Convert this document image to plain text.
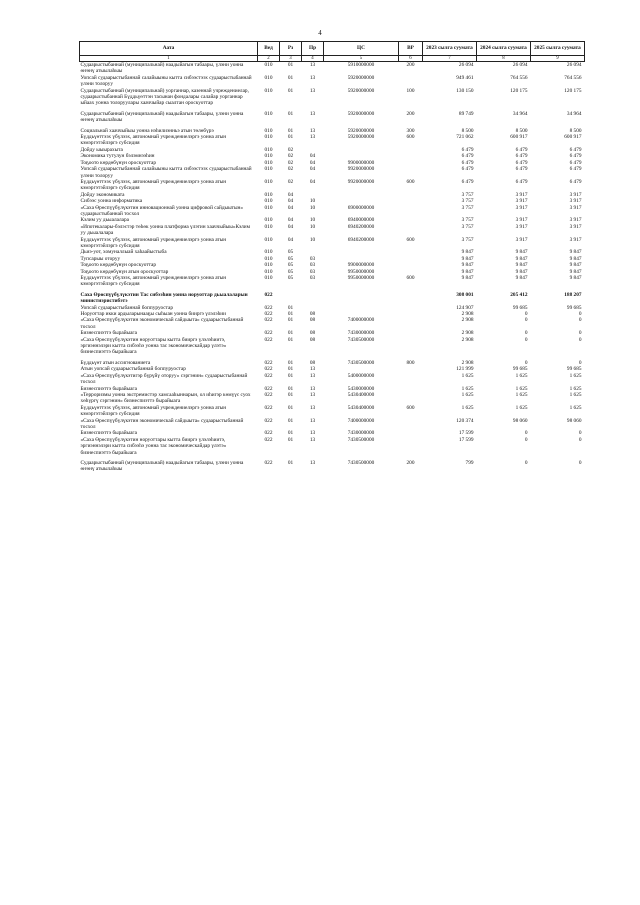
4
Аата	Вед	Рз	Пр	ЦС	ВР	2023 сылга суумата	2024 сылга суумата	2025 сылга суумата
1	2	3	4	5	6	7	8	9
Судаарыстыбаннай (муниципальнай) наадыйагын табаары, үлэни уонна өҥөнү атыылаһыы	010	01	13	5910000000	200	26 094	26 094	26 094
Уопсай судаарыстыбаннай салайыыны кытта сибээстээх судаарыстыбаннай үлэни толоруу	010	01	13	5920000000		949 461	764 556	764 556
Судаарыстыбаннай (муниципальнай) уорганнар, казеннай учреждениелар, судаарыстыбаннай Бүддьүөттэн тасынан фондалары салайар уорганнар ыйаах уонна толоруулары хааччыйар сыалтан ороскуоттар	010	01	13	5920000000	100	130 150	120 175	120 175
Судаарыстыбаннай (муниципальнай) наадыйагын табаары, үлэни уонна өҥөнү атыылаһыы	010	01	13	5920000000	200	89 749	34 964	34 964
Социальнай хааччыйыы уонна нэһилиэнньэ атын төлөбүрэ	010	01	13	5920000000	300	8 500	8 500	8 500
Бүддьүөттээх үбүлээх, автономнай учреждениелэргэ уонна атын кэмэргэтэйлэргэ субсидия	010	01	13	5920000000	600	721 062	600 917	600 917
Дойду ыыырахыта	010	02				6 479	6 479	6 479
Экономика тутулун бэлэмнээһин	010	02	04			6 479	6 479	6 479
Тоҕоото көрдөбүнүн ороскуоттар	010	02	04	9900000000		6 479	6 479	6 479
Уопсай судаарыстыбаннай салайыыны кытта сибээстээх судаарыстыбаннай үлэни толоруу	010	02	04	9920000000		6 479	6 479	6 479
Бүддьүөттээх үбүлээх, автономнай учреждениелэргэ уонна атын кэмэргэтэйлэргэ субсидия	010	02	04	9920000000	600	6 479	6 479	6 479
Дойду экономиката	010	04				3 757	3 917	3 917
Сибээс уонна информатика	010	04	10			3 757	3 917	3 917
«Саха Өрөспүүбүлүкэтин инновационнай уонна цифровой сайдыытын» судаарыстыбаннай тосхол	010	04	10	6900000000		3 757	3 917	3 917
Кэлим уу дьыалалара	010	04	10	6940000000		3 757	3 917	3 917
«Ипотекалары-бэлэстэр төһөк уонна платформа үлэтин хааччыйыы»Кэлим уу дьыалалара	010	04	10	6940200000		3 757	3 917	3 917
Бүддьүөттээх үбүлээх, автономнай учреждениелэргэ уонна атын кэмэргэтэйлэргэ субсидия	010	04	10	6940200000	600	3 757	3 917	3 917
Дьиэ-уот, хомуналлыай хаһаайыстыба	010	05				9 847	9 847	9 847
Тупсарыы оторуу	010	05	03			9 847	9 847	9 847
Тоҕоото көрдөбүнүн ороскуоттар	010	05	03	9900000000		9 847	9 847	9 847
Тоҕоото көрдөбүнүн атын ороскуоттар	010	05	03	9950000000		9 847	9 847	9 847
Бүддьүөттээх үбүлээх, автономнай учреждениелэргэ уонна атын кэмэргэтэйлэргэ субсидия	010	05	03	9950000000	600	9 847	9 847	9 847
Саха Өрөспүүбүлүкэтин Тас сибээһин уонна норуоттар дьыалаларын министиэристибэтэ	022					308 001	205 412	188 207
Уопсай судаарыстыбаннай боппуруостар	022	01				124 907	99 685	99 685
Норуоттар икки ардыларынааҕы сыһыан уонна бииргэ үлэлэһии	022	01	08			2 908	0	0
«Саха Өрөспүүбүлүкэтин экономическай сайдыыта» судаарыстыбаннай тосхол	022	01	08	7400000000		2 908	0	0
Бизнеспиэттэ бырайыага	022	01	08	7430000000		2 908	0	0
«Саха Өрөспүүбүлүкэтин норуоттары кытта бииргэ үлэлэһиитэ, эргиэннэлэри кытта сибээһэ уонна тас экономическайдар үлэтэ» бизнеспиэттэ бырайыага	022	01	08	7430500000		2 908	0	0
Бүддьүөт атын ассигнованиета	022	01	08	7430500000	800	2 908	0	0
Атын уопсай судаарыстыбаннай боппуруостар	022	01	13			121 999	99 685	99 685
«Саха Өрөспүүбүлүкэтигэр бүрүйү оторуу» сэргэнин» судаарыстыбаннай тосхол	022	01	13	5400000000		1 625	1 625	1 625
Бизнеспиэттэ бырайыага	022	01	13	5430000000		1 625	1 625	1 625
«Терроризмы уонна экстремистэр хамсааһыннарын, ол иһигэр көмүүс суох хөһүргү сэргэнин» бизнеспиэттэ бырайыага	022	01	13	5430400000		1 625	1 625	1 625
Бүддьүөттээх үбүлээх, автономнай учреждениелэргэ уонна атын кэмэргэтэйлэргэ субсидия	022	01	13	5430400000	600	1 625	1 625	1 625
«Саха Өрөспүүбүлүкэтин экономическай сайдыыта» судаарыстыбаннай тосхол	022	01	13	7400000000		120 374	98 060	98 060
Бизнеспиэттэ бырайыага	022	01	13	7430000000		17 599	0	0
«Саха Өрөспүүбүлүкэтин норуоттары кытта бииргэ үлэлэһиитэ, эргиэннэлэри кытта сибээһэ уонна тас экономическайдар үлэтэ» бизнеспиэттэ бырайыага	022	01	13	7430500000		17 599	0	0
Судаарыстыбаннай (муниципальнай) наадыйагын табаары, үлэни уонна өҥөнү атыылаһыы	022	01	13	7430500000	200	799	0	0
